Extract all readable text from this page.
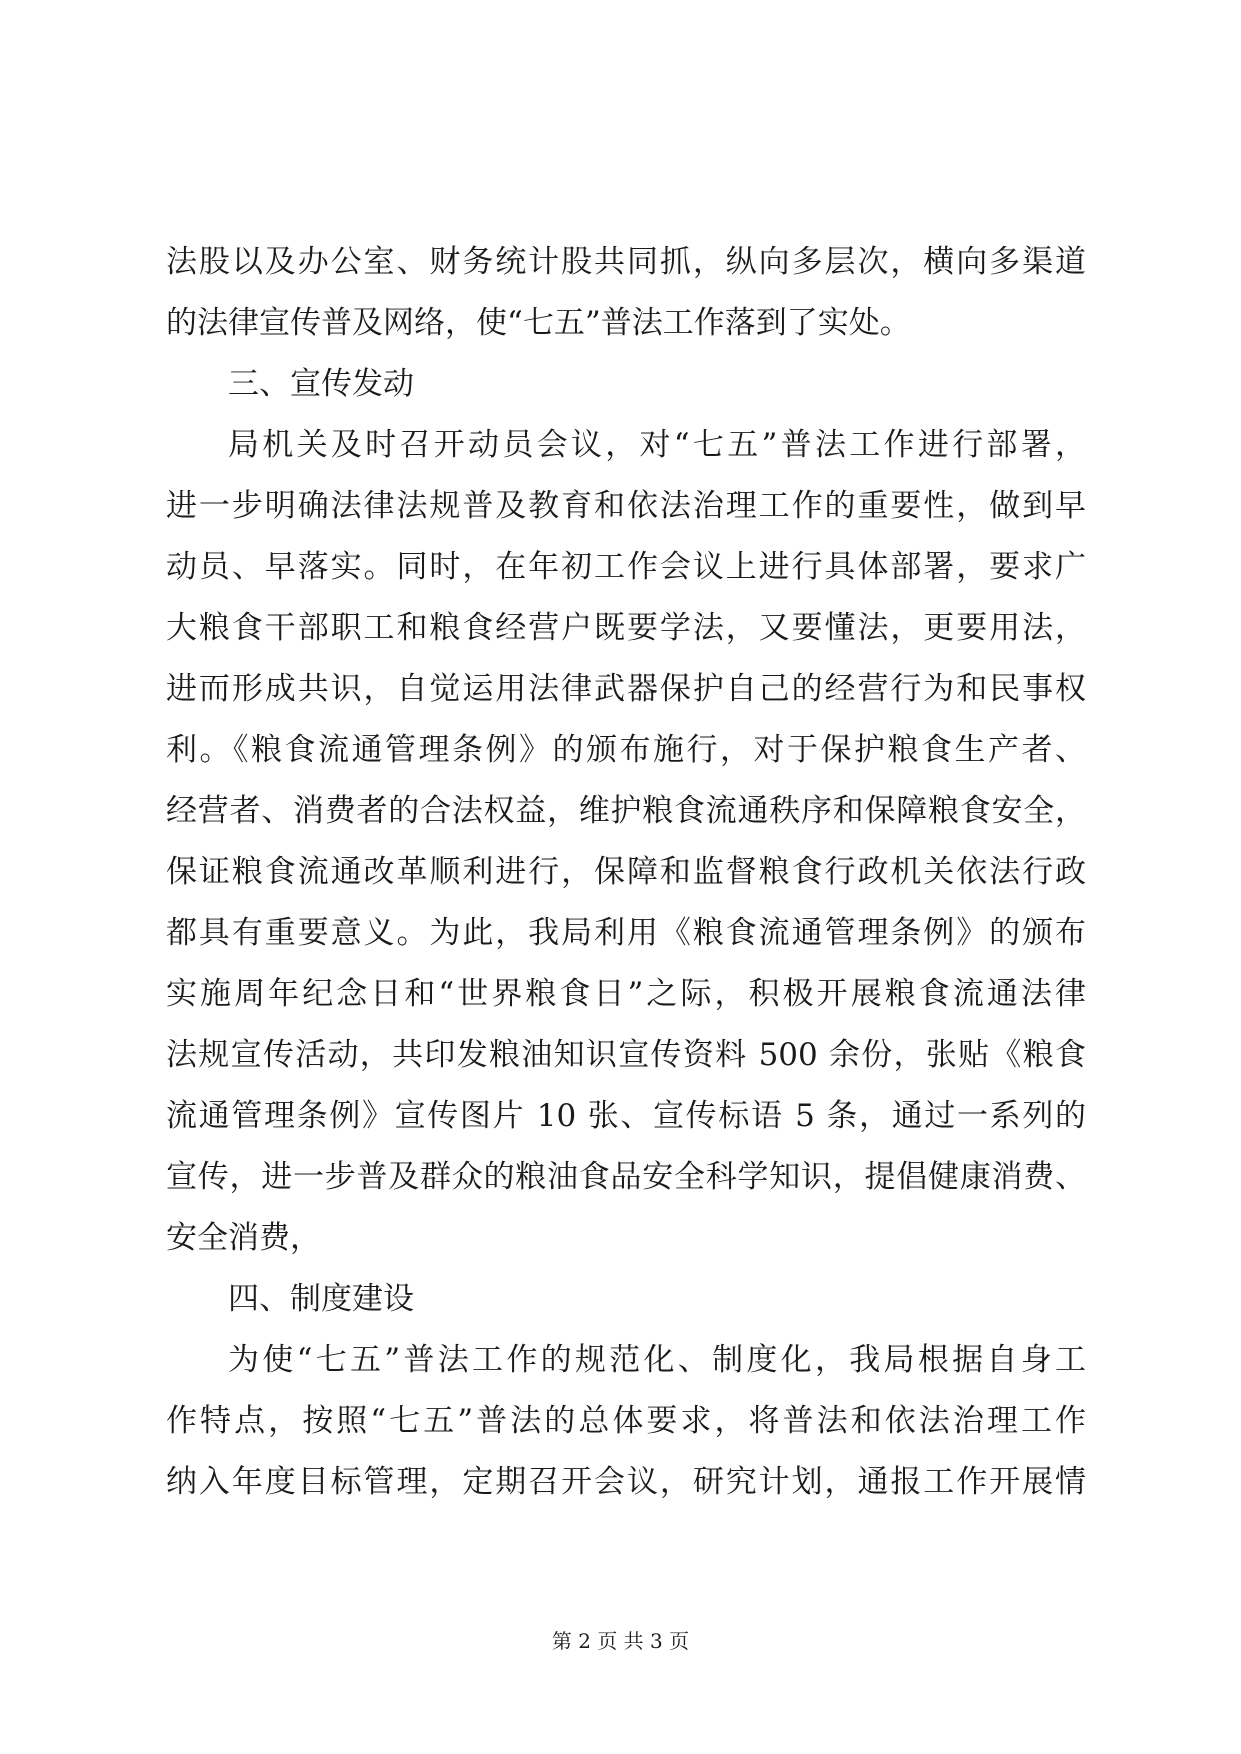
法股以及办公室、财务统计股共同抓，纵向多层次，横向多渠道
的法律宣传普及网络，使“七五”普法工作落到了实处。
三、宣传发动
局机关及时召开动员会议，对“七五”普法工作进行部署，
进一步明确法律法规普及教育和依法治理工作的重要性，做到早
动员、早落实。同时，在年初工作会议上进行具体部署，要求广
大粮食干部职工和粮食经营户既要学法，又要懂法，更要用法，
进而形成共识，自觉运用法律武器保护自己的经营行为和民事权
利。《粮食流通管理条例》的颁布施行，对于保护粮食生产者、
经营者、消费者的合法权益，维护粮食流通秩序和保障粮食安全，
保证粮食流通改革顺利进行，保障和监督粮食行政机关依法行政
都具有重要意义。为此，我局利用《粮食流通管理条例》的颁布
实施周年纪念日和“世界粮食日”之际，积极开展粮食流通法律
法规宣传活动，共印发粮油知识宣传资料 500 余份，张贴《粮食
流通管理条例》宣传图片 10 张、宣传标语 5 条，通过一系列的
宣传，进一步普及群众的粮油食品安全科学知识，提倡健康消费、
安全消费，
四、制度建设
为使“七五”普法工作的规范化、制度化，我局根据自身工
作特点，按照“七五”普法的总体要求，将普法和依法治理工作
纳入年度目标管理，定期召开会议，研究计划，通报工作开展情
第 2 页 共 3 页
